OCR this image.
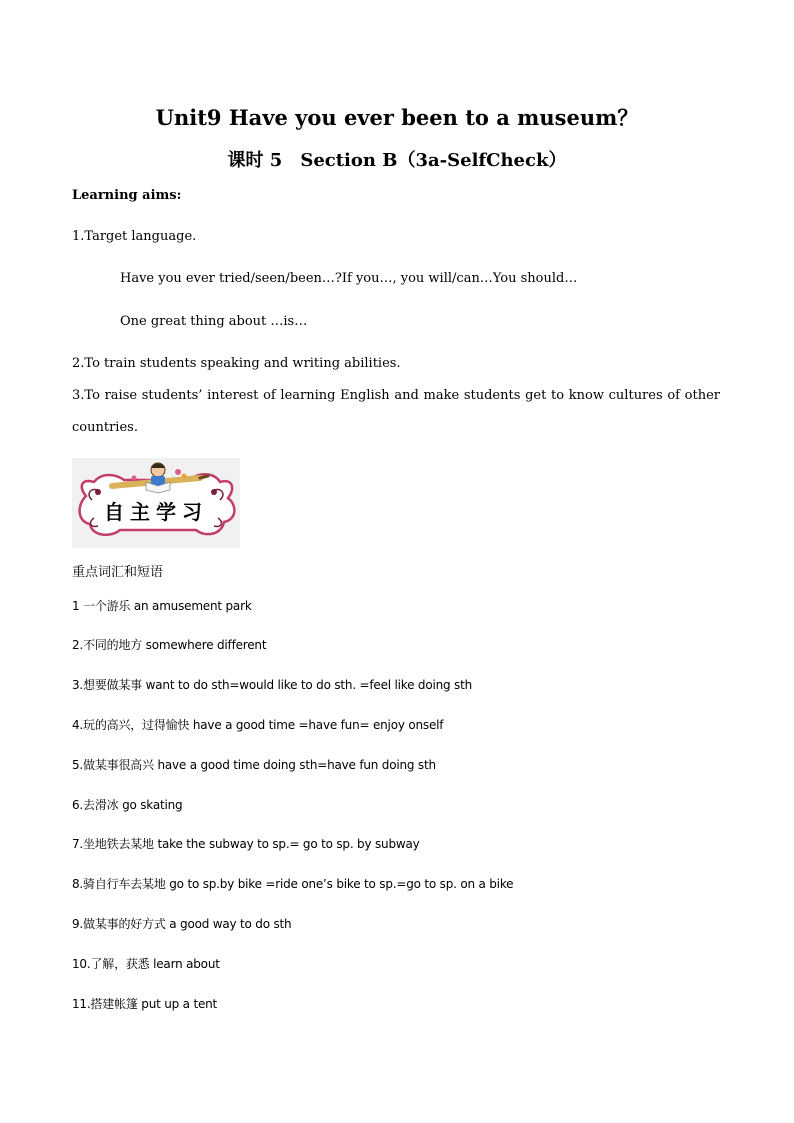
Unit9 Have you ever been to a museum？
课时 5　Section B（3a-SelfCheck）
Learning aims:
1.Target language.
Have you ever tried/seen/been…?If you…, you will/can…You should…
One great thing about …is…
2.To train students speaking and writing abilities.
3.To raise students’ interest of learning English and make students get to know cultures of other
countries.
自主学习
重点词汇和短语
1 一个游乐 an amusement park
2.不同的地方 somewhere different
3.想要做某事 want to do sth=would like to do sth. =feel like doing sth
4.玩的高兴，过得愉快 have a good time =have fun= enjoy onself
5.做某事很高兴 have a good time doing sth=have fun doing sth
6.去滑冰 go skating
7.坐地铁去某地 take the subway to sp.= go to sp. by subway
8.骑自行车去某地 go to sp.by bike =ride one’s bike to sp.=go to sp. on a bike
9.做某事的好方式 a good way to do sth
10.了解，获悉 learn about
11.搭建帐篷 put up a tent
